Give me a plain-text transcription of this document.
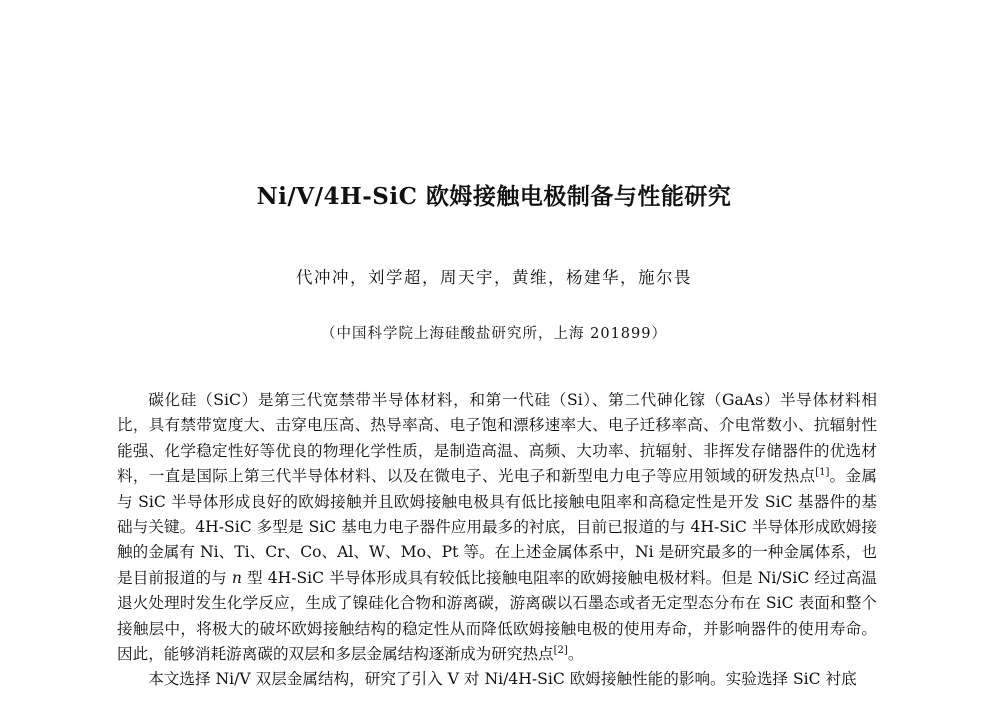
Ni/V/4H-SiC 欧姆接触电极制备与性能研究
代冲冲，刘学超，周天宇，黄维，杨建华，施尔畏
（中国科学院上海硅酸盐研究所，上海 201899）

碳化硅（SiC）是第三代宽禁带半导体材料，和第一代硅（Si）、第二代砷化镓（GaAs）半导体材料相比，具有禁带宽度大、击穿电压高、热导率高、电子饱和漂移速率大、电子迁移率高、介电常数小、抗辐射性能强、化学稳定性好等优良的物理化学性质，是制造高温、高频、大功率、抗辐射、非挥发存储器件的优选材料，一直是国际上第三代半导体材料、以及在微电子、光电子和新型电力电子等应用领域的研发热点[1]。金属与 SiC 半导体形成良好的欧姆接触并且欧姆接触电极具有低比接触电阻率和高稳定性是开发 SiC 基器件的基础与关键。4H-SiC 多型是 SiC 基电力电子器件应用最多的衬底，目前已报道的与 4H-SiC 半导体形成欧姆接触的金属有 Ni、Ti、Cr、Co、Al、W、Mo、Pt 等。在上述金属体系中，Ni 是研究最多的一种金属体系，也是目前报道的与 n 型 4H-SiC 半导体形成具有较低比接触电阻率的欧姆接触电极材料。但是 Ni/SiC 经过高温退火处理时发生化学反应，生成了镍硅化合物和游离碳，游离碳以石墨态或者无定型态分布在 SiC 表面和整个接触层中，将极大的破坏欧姆接触结构的稳定性从而降低欧姆接触电极的使用寿命，并影响器件的使用寿命。因此，能够消耗游离碳的双层和多层金属结构逐渐成为研究热点[2]。

本文选择 Ni/V 双层金属结构，研究了引入 V 对 Ni/4H-SiC 欧姆接触性能的影响。实验选择 SiC 衬底
